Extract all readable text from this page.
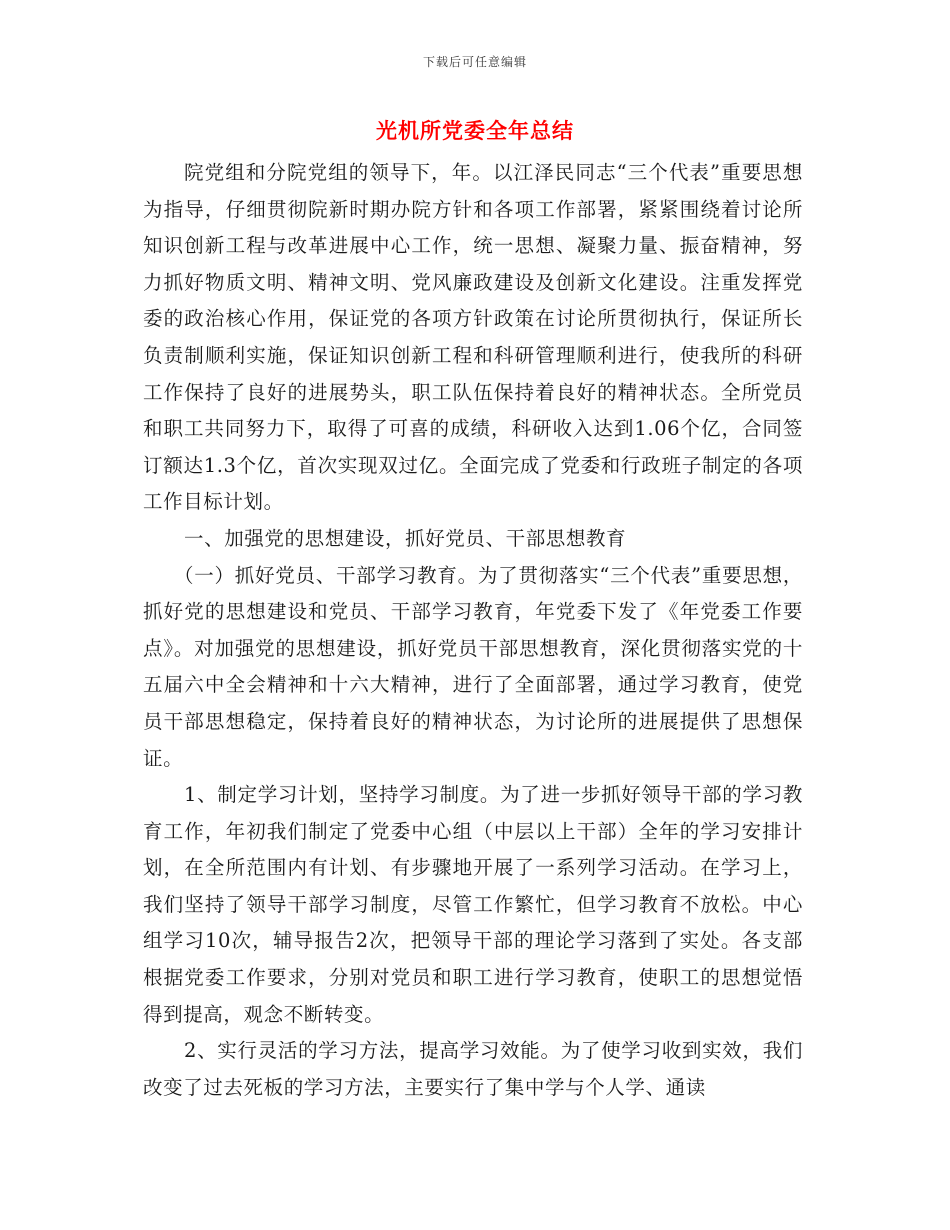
下载后可任意编辑
光机所党委全年总结

院党组和分院党组的领导下，年。以江泽民同志“三个代表”重要思想为指导，仔细贯彻院新时期办院方针和各项工作部署，紧紧围绕着讨论所知识创新工程与改革进展中心工作，统一思想、凝聚力量、振奋精神，努力抓好物质文明、精神文明、党风廉政建设及创新文化建设。注重发挥党委的政治核心作用，保证党的各项方针政策在讨论所贯彻执行，保证所长负责制顺利实施，保证知识创新工程和科研管理顺利进行，使我所的科研工作保持了良好的进展势头，职工队伍保持着良好的精神状态。全所党员和职工共同努力下，取得了可喜的成绩，科研收入达到1.06个亿，合同签订额达1.3个亿，首次实现双过亿。全面完成了党委和行政班子制定的各项工作目标计划。

一、加强党的思想建设，抓好党员、干部思想教育

（一）抓好党员、干部学习教育。为了贯彻落实“三个代表”重要思想，抓好党的思想建设和党员、干部学习教育，年党委下发了《年党委工作要点》。对加强党的思想建设，抓好党员干部思想教育，深化贯彻落实党的十五届六中全会精神和十六大精神，进行了全面部署，通过学习教育，使党员干部思想稳定，保持着良好的精神状态，为讨论所的进展提供了思想保证。

1、制定学习计划，坚持学习制度。为了进一步抓好领导干部的学习教育工作，年初我们制定了党委中心组（中层以上干部）全年的学习安排计划，在全所范围内有计划、有步骤地开展了一系列学习活动。在学习上，我们坚持了领导干部学习制度，尽管工作繁忙，但学习教育不放松。中心组学习10次，辅导报告2次，把领导干部的理论学习落到了实处。各支部根据党委工作要求，分别对党员和职工进行学习教育，使职工的思想觉悟得到提高，观念不断转变。

2、实行灵活的学习方法，提高学习效能。为了使学习收到实效，我们改变了过去死板的学习方法，主要实行了集中学与个人学、通读
